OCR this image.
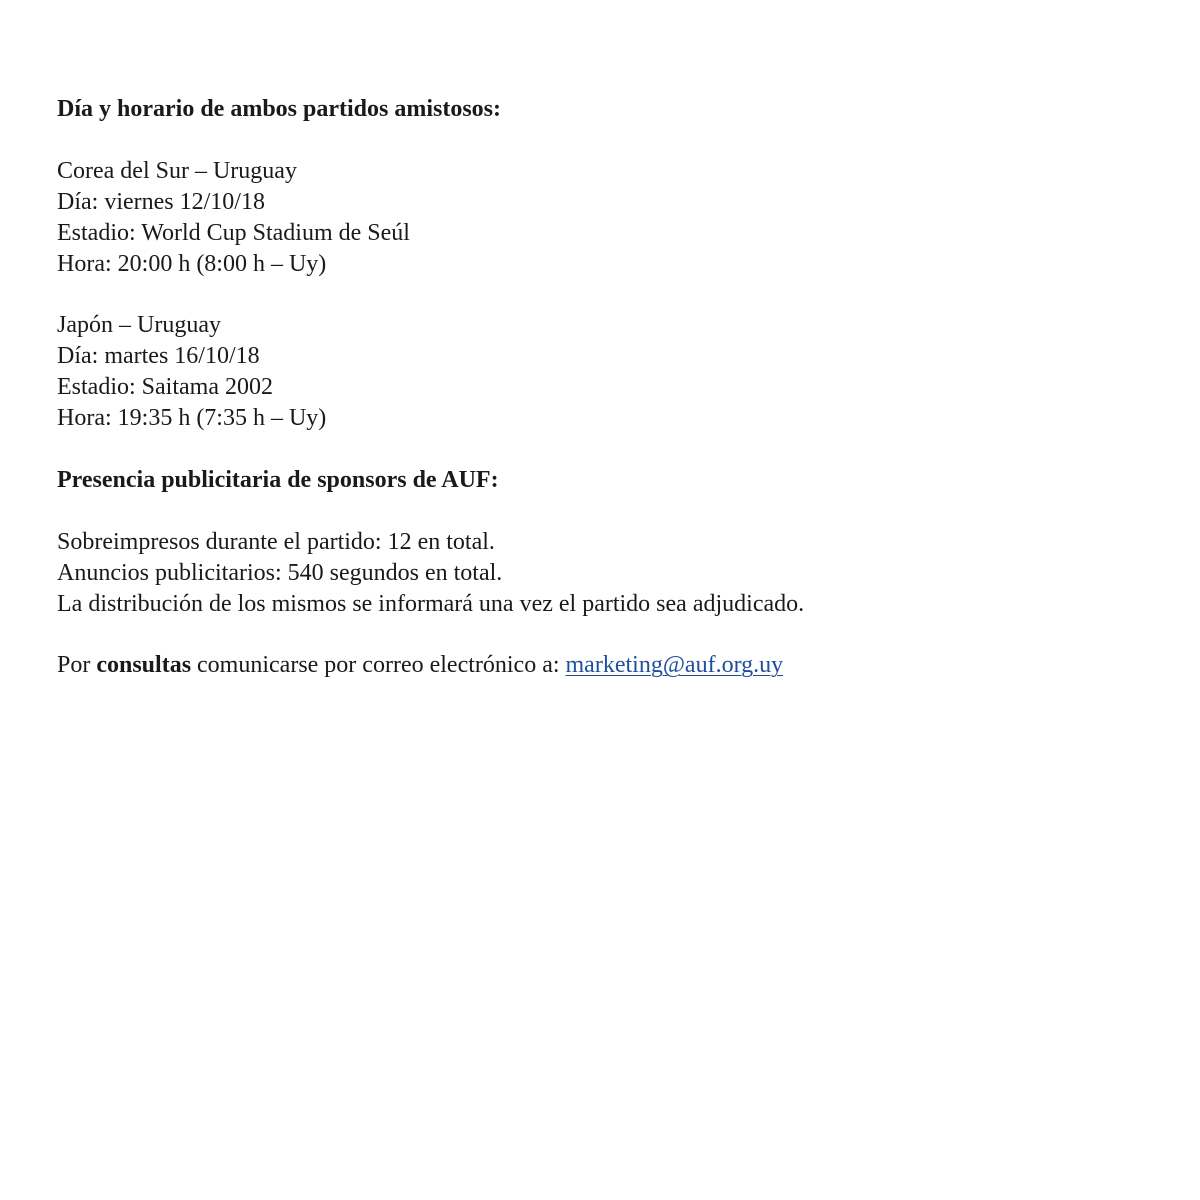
Día y horario de ambos partidos amistosos:
Corea del Sur – Uruguay
Día: viernes 12/10/18
Estadio: World Cup Stadium de Seúl
Hora: 20:00 h (8:00 h – Uy)
Japón – Uruguay
Día: martes 16/10/18
Estadio: Saitama 2002
Hora: 19:35 h (7:35 h – Uy)
Presencia publicitaria de sponsors de AUF:
Sobreimpresos durante el partido: 12 en total.
Anuncios publicitarios: 540 segundos en total.
La distribución de los mismos se informará una vez el partido sea adjudicado.
Por consultas comunicarse por correo electrónico a: marketing@auf.org.uy
